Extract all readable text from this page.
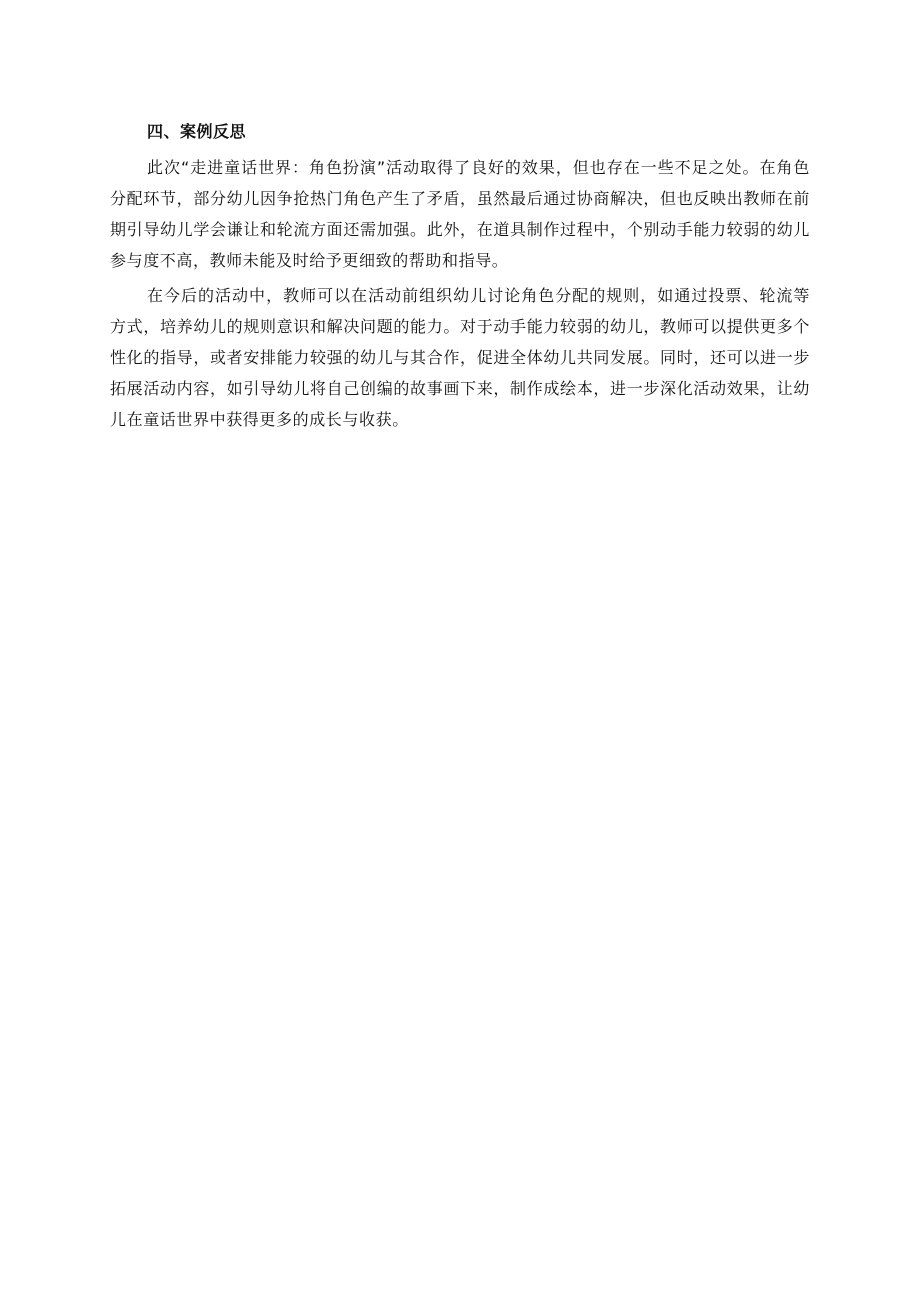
四、案例反思

此次“走进童话世界：角色扮演”活动取得了良好的效果，但也存在一些不足之处。在角色分配环节，部分幼儿因争抢热门角色产生了矛盾，虽然最后通过协商解决，但也反映出教师在前期引导幼儿学会谦让和轮流方面还需加强。此外，在道具制作过程中，个别动手能力较弱的幼儿参与度不高，教师未能及时给予更细致的帮助和指导。

在今后的活动中，教师可以在活动前组织幼儿讨论角色分配的规则，如通过投票、轮流等方式，培养幼儿的规则意识和解决问题的能力。对于动手能力较弱的幼儿，教师可以提供更多个性化的指导，或者安排能力较强的幼儿与其合作，促进全体幼儿共同发展。同时，还可以进一步拓展活动内容，如引导幼儿将自己创编的故事画下来，制作成绘本，进一步深化活动效果，让幼儿在童话世界中获得更多的成长与收获。
